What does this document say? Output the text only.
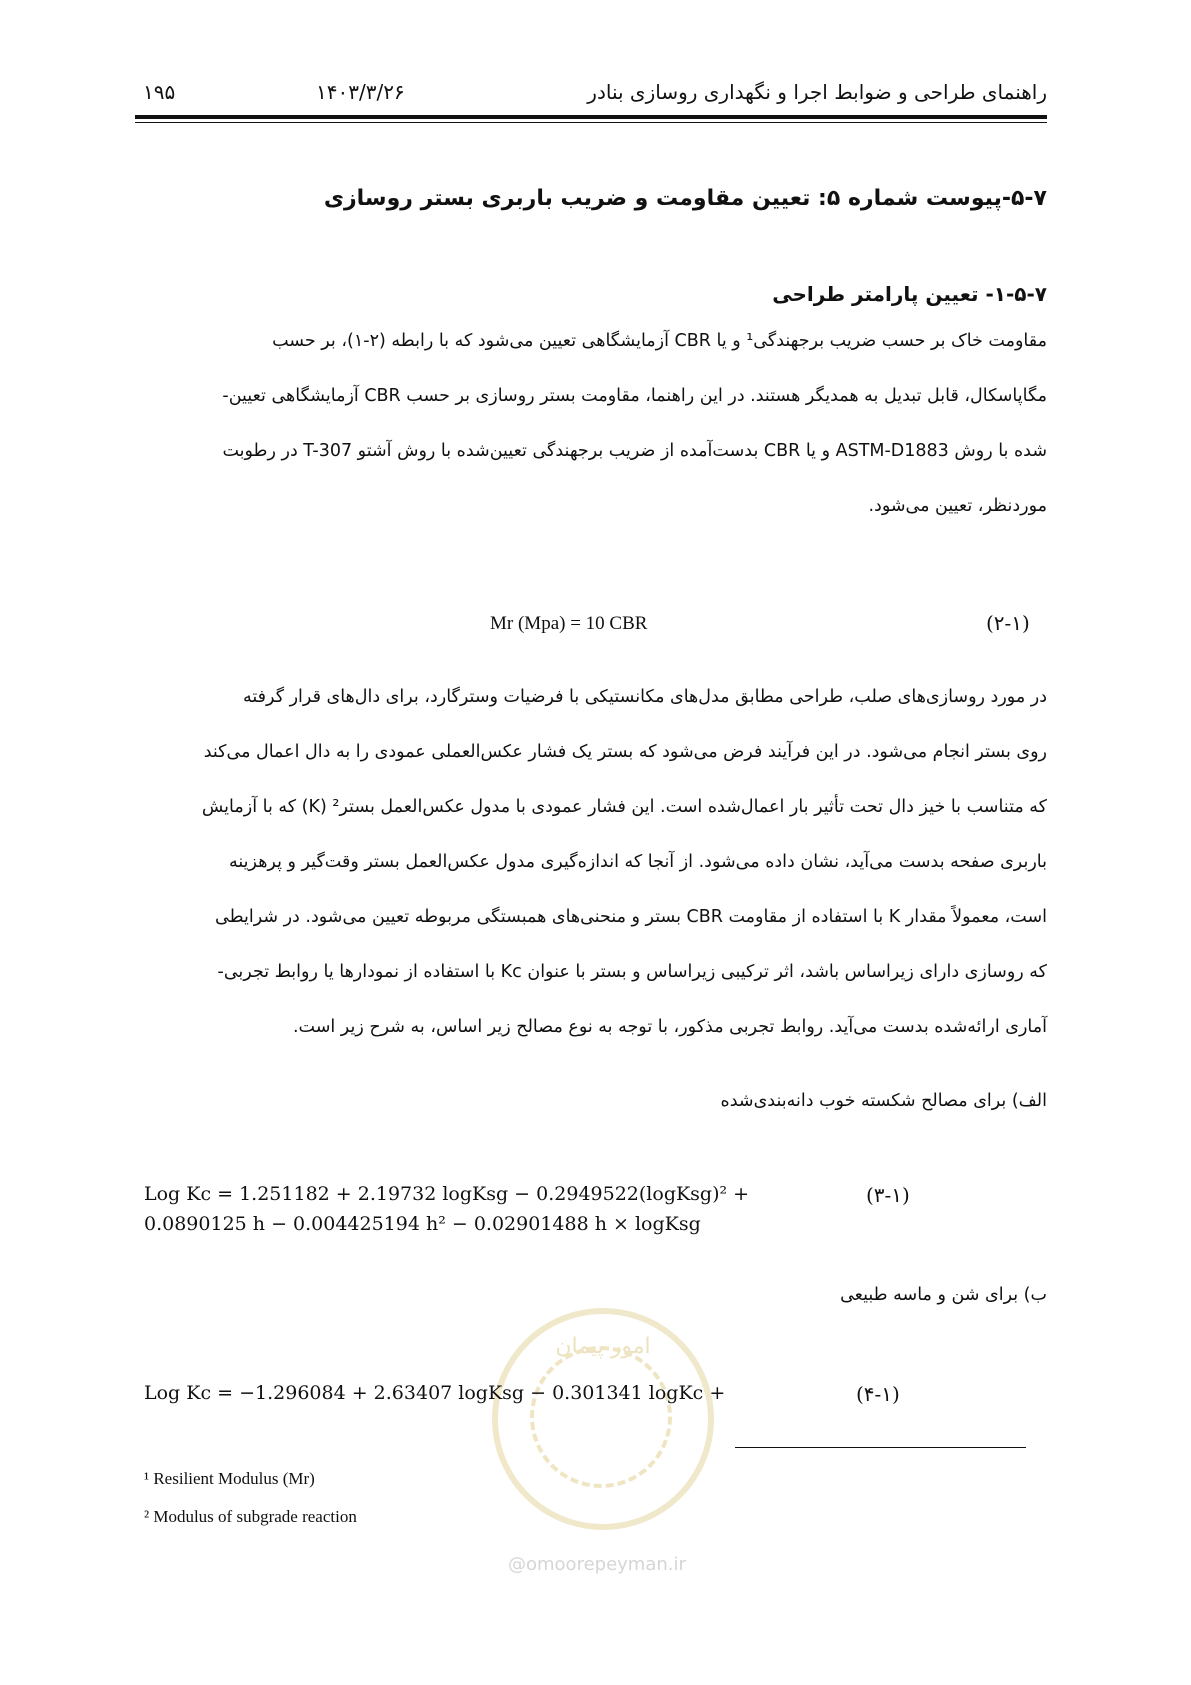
راهنمای طراحی و ضوابط اجرا و نگهداری روسازی بنادر
۱۴۰۳/۳/۲۶
۱۹۵
۵-۷-پیوست شماره ۵: تعیین مقاومت و ضریب باربری بستر روسازی
۱-۵-۷- تعیین پارامتر طراحی
مقاومت خاک بر حسب ضریب برجهندگی¹ و یا CBR آزمایشگاهی تعیین می‌شود که با رابطه (۲-۱)، بر حسب
مگاپاسکال، قابل تبدیل به همدیگر هستند. در این راهنما، مقاومت بستر روسازی بر حسب CBR آزمایشگاهی تعیین-
شده با روش ASTM-D1883 و یا CBR بدست‌آمده از ضریب برجهندگی تعیین‌شده با روش آشتو T-307 در رطوبت
موردنظر، تعیین می‌شود.
Mr (Mpa) = 10 CBR	(۲-۱)
در مورد روسازی‌های صلب، طراحی مطابق مدل‌های مکانستیکی با فرضیات وسترگارد، برای دال‌های قرار گرفته
روی بستر انجام می‌شود. در این فرآیند فرض می‌شود که بستر یک فشار عکس‌العملی عمودی را به دال اعمال می‌کند
که متناسب با خیز دال تحت تأثیر بار اعمال‌شده است. این فشار عمودی با مدول عکس‌العمل بستر² (K) که با آزمایش
باربری صفحه بدست می‌آید، نشان داده می‌شود. از آنجا که اندازه‌گیری مدول عکس‌العمل بستر وقت‌گیر و پرهزینه
است، معمولاً مقدار K با استفاده از مقاومت CBR بستر و منحنی‌های همبستگی مربوطه تعیین می‌شود. در شرایطی
که روسازی دارای زیراساس باشد، اثر ترکیبی زیراساس و بستر با عنوان Kc با استفاده از نمودارها یا روابط تجربی-
آماری ارائه‌شده بدست می‌آید. روابط تجربی مذکور، با توجه به نوع مصالح زیر اساس، به شرح زیر است.
الف) برای مصالح شکسته خوب دانه‌بندی‌شده
Log Kc = 1.251182 + 2.19732 logKsg − 0.2949522(logKsg)² +
0.0890125 h − 0.004425194 h² − 0.02901488 h × logKsg
(۳-۱)
ب) برای شن و ماسه طبیعی
امور پیمان
Log Kc = −1.296084 + 2.63407 logKsg − 0.301341 logKc +	(۴-۱)
¹ Resilient Modulus (Mr)
² Modulus of subgrade reaction
@omoorepeyman.ir
